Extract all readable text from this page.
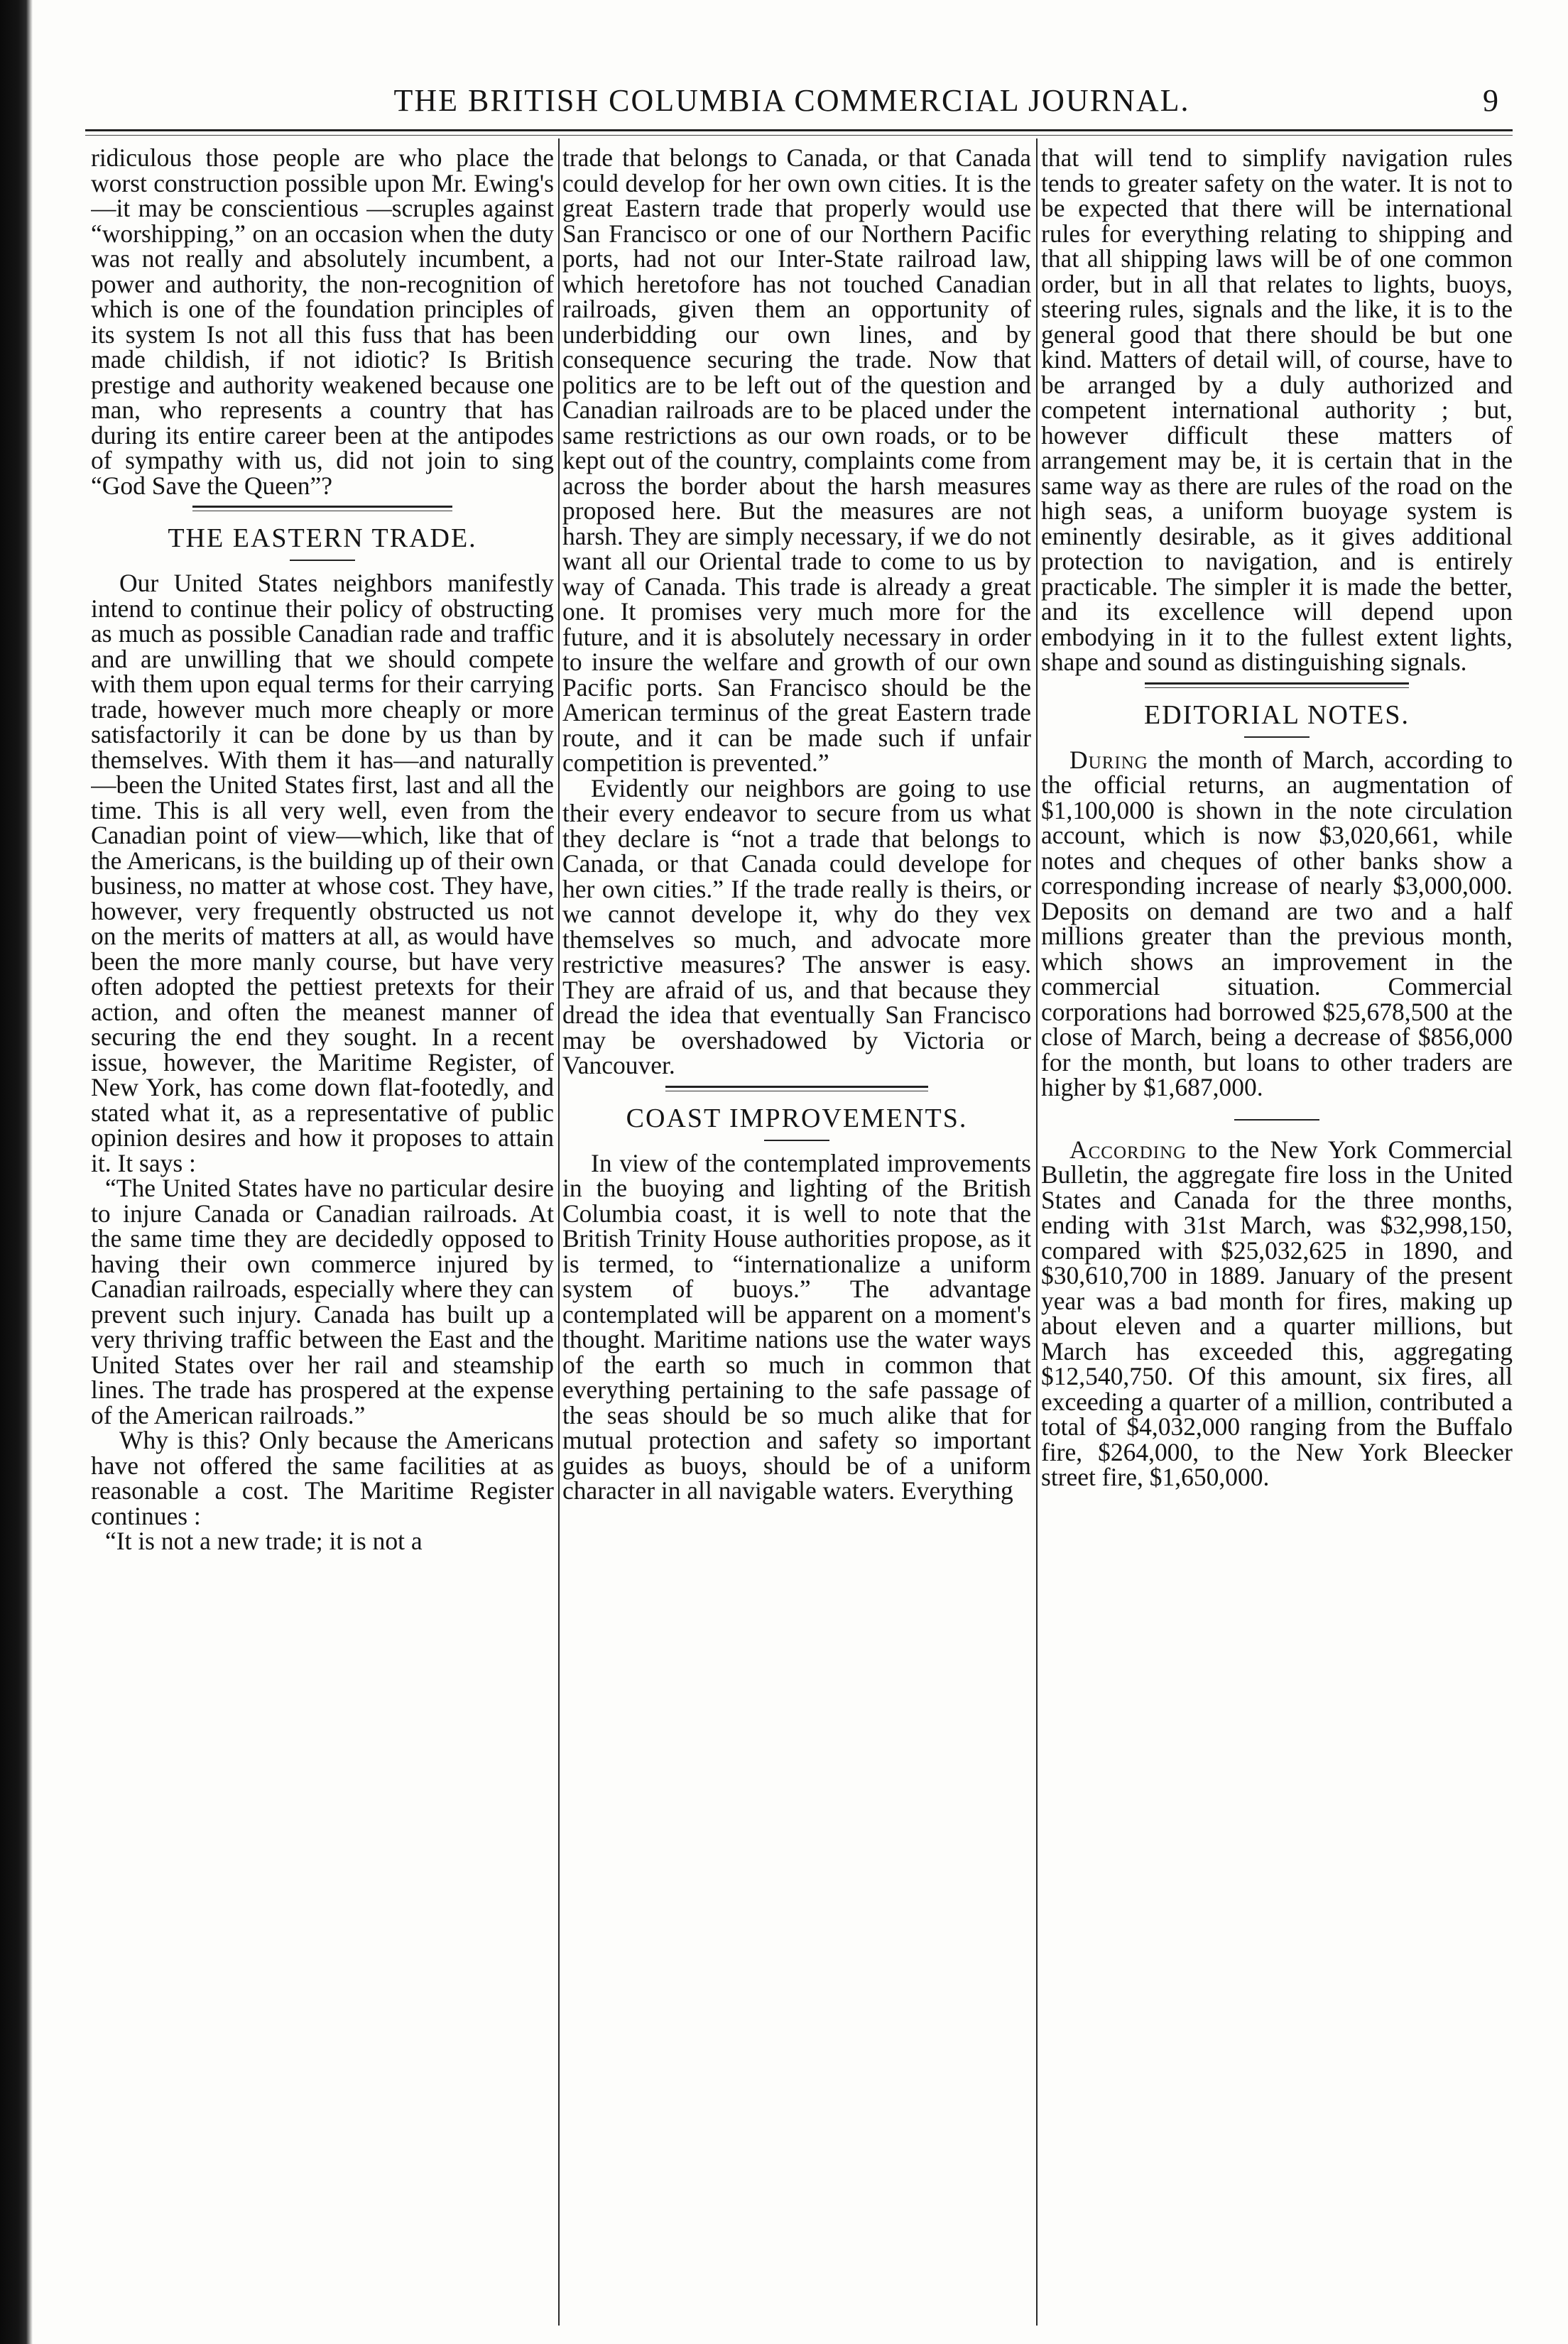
THE BRITISH COLUMBIA COMMERCIAL JOURNAL.	9

ridiculous those people are who place the worst construction possible upon Mr. Ewing's—it may be conscientious —scruples against “worshipping,” on an occasion when the duty was not really and absolutely incumbent, a power and authority, the non-recognition of which is one of the foundation principles of its system Is not all this fuss that has been made childish, if not idiotic? Is British prestige and authority weakened because one man, who represents a country that has during its entire career been at the antipodes of sympathy with us, did not join to sing “God Save the Queen”?

THE EASTERN TRADE.

Our United States neighbors manifestly intend to continue their policy of obstructing as much as possible Canadian rade and traffic and are unwilling that we should compete with them upon equal terms for their carrying trade, however much more cheaply or more satisfactorily it can be done by us than by themselves. With them it has—and naturally—been the United States first, last and all the time. This is all very well, even from the Canadian point of view—which, like that of the Americans, is the building up of their own business, no matter at whose cost. They have, however, very frequently obstructed us not on the merits of matters at all, as would have been the more manly course, but have very often adopted the pettiest pretexts for their action, and often the meanest manner of securing the end they sought. In a recent issue, however, the Maritime Register, of New York, has come down flat-footedly, and stated what it, as a representative of public opinion desires and how it proposes to attain it. It says :

“The United States have no particular desire to injure Canada or Canadian railroads. At the same time they are decidedly opposed to having their own commerce injured by Canadian railroads, especially where they can prevent such injury. Canada has built up a very thriving traffic between the East and the United States over her rail and steamship lines. The trade has prospered at the expense of the American railroads.”

Why is this? Only because the Americans have not offered the same facilities at as reasonable a cost. The Maritime Register continues :

“It is not a new trade; it is not a

trade that belongs to Canada, or that Canada could develop for her own own cities. It is the great Eastern trade that properly would use San Francisco or one of our Northern Pacific ports, had not our Inter-State railroad law, which heretofore has not touched Canadian railroads, given them an opportunity of underbidding our own lines, and by consequence securing the trade. Now that politics are to be left out of the question and Canadian railroads are to be placed under the same restrictions as our own roads, or to be kept out of the country, complaints come from across the border about the harsh measures proposed here. But the measures are not harsh. They are simply necessary, if we do not want all our Oriental trade to come to us by way of Canada. This trade is already a great one. It promises very much more for the future, and it is absolutely necessary in order to insure the welfare and growth of our own Pacific ports. San Francisco should be the American terminus of the great Eastern trade route, and it can be made such if unfair competition is prevented.”

Evidently our neighbors are going to use their every endeavor to secure from us what they declare is “not a trade that belongs to Canada, or that Canada could develope for her own cities.” If the trade really is theirs, or we cannot develope it, why do they vex themselves so much, and advocate more restrictive measures? The answer is easy. They are afraid of us, and that because they dread the idea that eventually San Francisco may be overshadowed by Victoria or Vancouver.

COAST IMPROVEMENTS.

In view of the contemplated improvements in the buoying and lighting of the British Columbia coast, it is well to note that the British Trinity House authorities propose, as it is termed, to “internationalize a uniform system of buoys.” The advantage contemplated will be apparent on a moment's thought. Maritime nations use the water ways of the earth so much in common that everything pertaining to the safe passage of the seas should be so much alike that for mutual protection and safety so important guides as buoys, should be of a uniform character in all navigable waters. Everything

that will tend to simplify navigation rules tends to greater safety on the water. It is not to be expected that there will be international rules for everything relating to shipping and that all shipping laws will be of one common order, but in all that relates to lights, buoys, steering rules, signals and the like, it is to the general good that there should be but one kind. Matters of detail will, of course, have to be arranged by a duly authorized and competent international authority ; but, however difficult these matters of arrangement may be, it is certain that in the same way as there are rules of the road on the high seas, a uniform buoyage system is eminently desirable, as it gives additional protection to navigation, and is entirely practicable. The simpler it is made the better, and its excellence will depend upon embodying in it to the fullest extent lights, shape and sound as distinguishing signals.

EDITORIAL NOTES.

During the month of March, according to the official returns, an augmentation of $1,100,000 is shown in the note circulation account, which is now $3,020,661, while notes and cheques of other banks show a corresponding increase of nearly $3,000,000. Deposits on demand are two and a half millions greater than the previous month, which shows an improvement in the commercial situation. Commercial corporations had borrowed $25,678,500 at the close of March, being a decrease of $856,000 for the month, but loans to other traders are higher by $1,687,000.

According to the New York Commercial Bulletin, the aggregate fire loss in the United States and Canada for the three months, ending with 31st March, was $32,998,150, compared with $25,032,625 in 1890, and $30,610,700 in 1889. January of the present year was a bad month for fires, making up about eleven and a quarter millions, but March has exceeded this, aggregating $12,540,750. Of this amount, six fires, all exceeding a quarter of a million, contributed a total of $4,032,000 ranging from the Buffalo fire, $264,000, to the New York Bleecker street fire, $1,650,000.
